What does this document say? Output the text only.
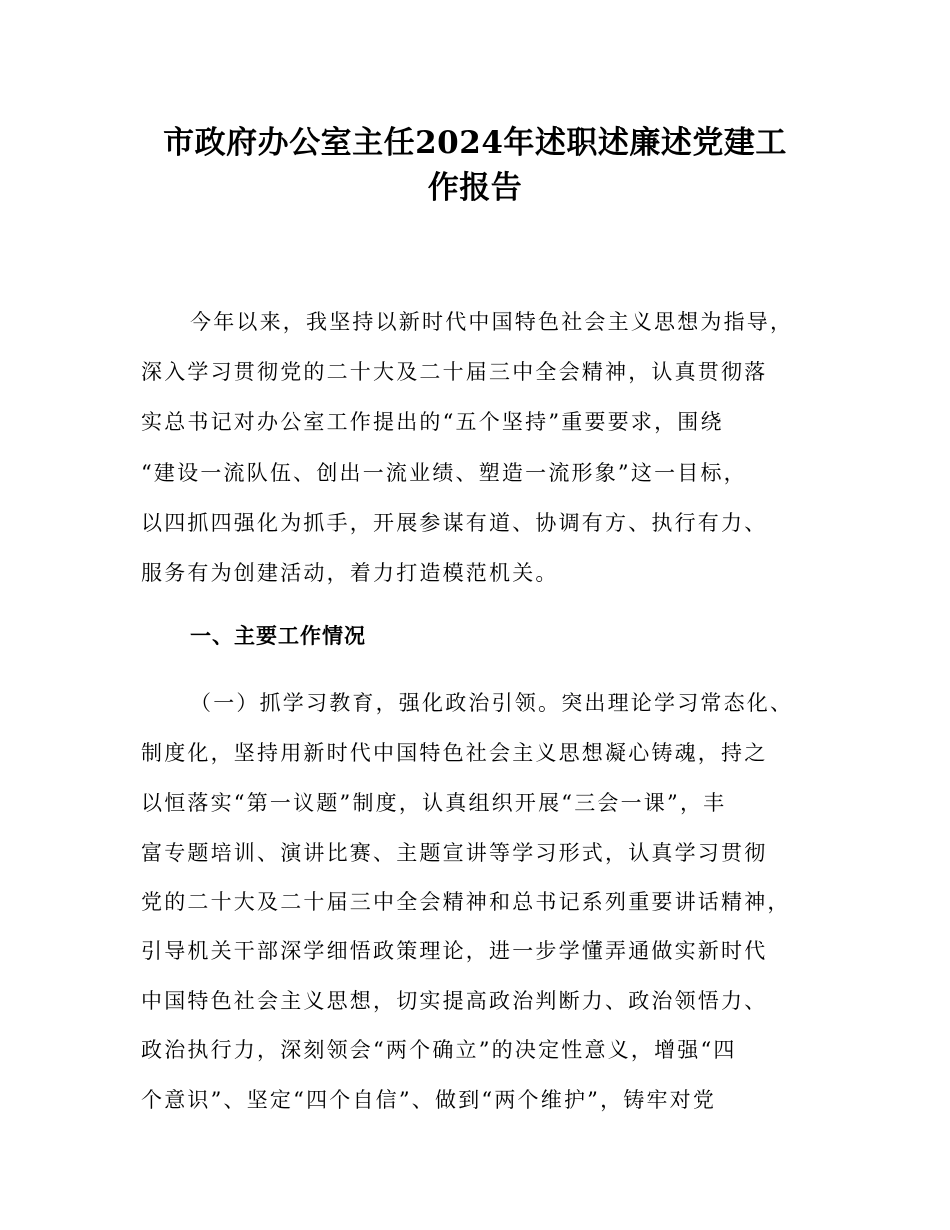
市政府办公室主任2024年述职述廉述党建工
作报告
今年以来，我坚持以新时代中国特色社会主义思想为指导，
深入学习贯彻党的二十大及二十届三中全会精神，认真贯彻落
实总书记对办公室工作提出的“五个坚持”重要要求，围绕
“建设一流队伍、创出一流业绩、塑造一流形象”这一目标，
以四抓四强化为抓手，开展参谋有道、协调有方、执行有力、
服务有为创建活动，着力打造模范机关。
一、主要工作情况
（一）抓学习教育，强化政治引领。突出理论学习常态化、
制度化，坚持用新时代中国特色社会主义思想凝心铸魂，持之
以恒落实“第一议题”制度，认真组织开展“三会一课”，丰
富专题培训、演讲比赛、主题宣讲等学习形式，认真学习贯彻
党的二十大及二十届三中全会精神和总书记系列重要讲话精神，
引导机关干部深学细悟政策理论，进一步学懂弄通做实新时代
中国特色社会主义思想，切实提高政治判断力、政治领悟力、
政治执行力，深刻领会“两个确立”的决定性意义，增强“四
个意识”、坚定“四个自信”、做到“两个维护”，铸牢对党
